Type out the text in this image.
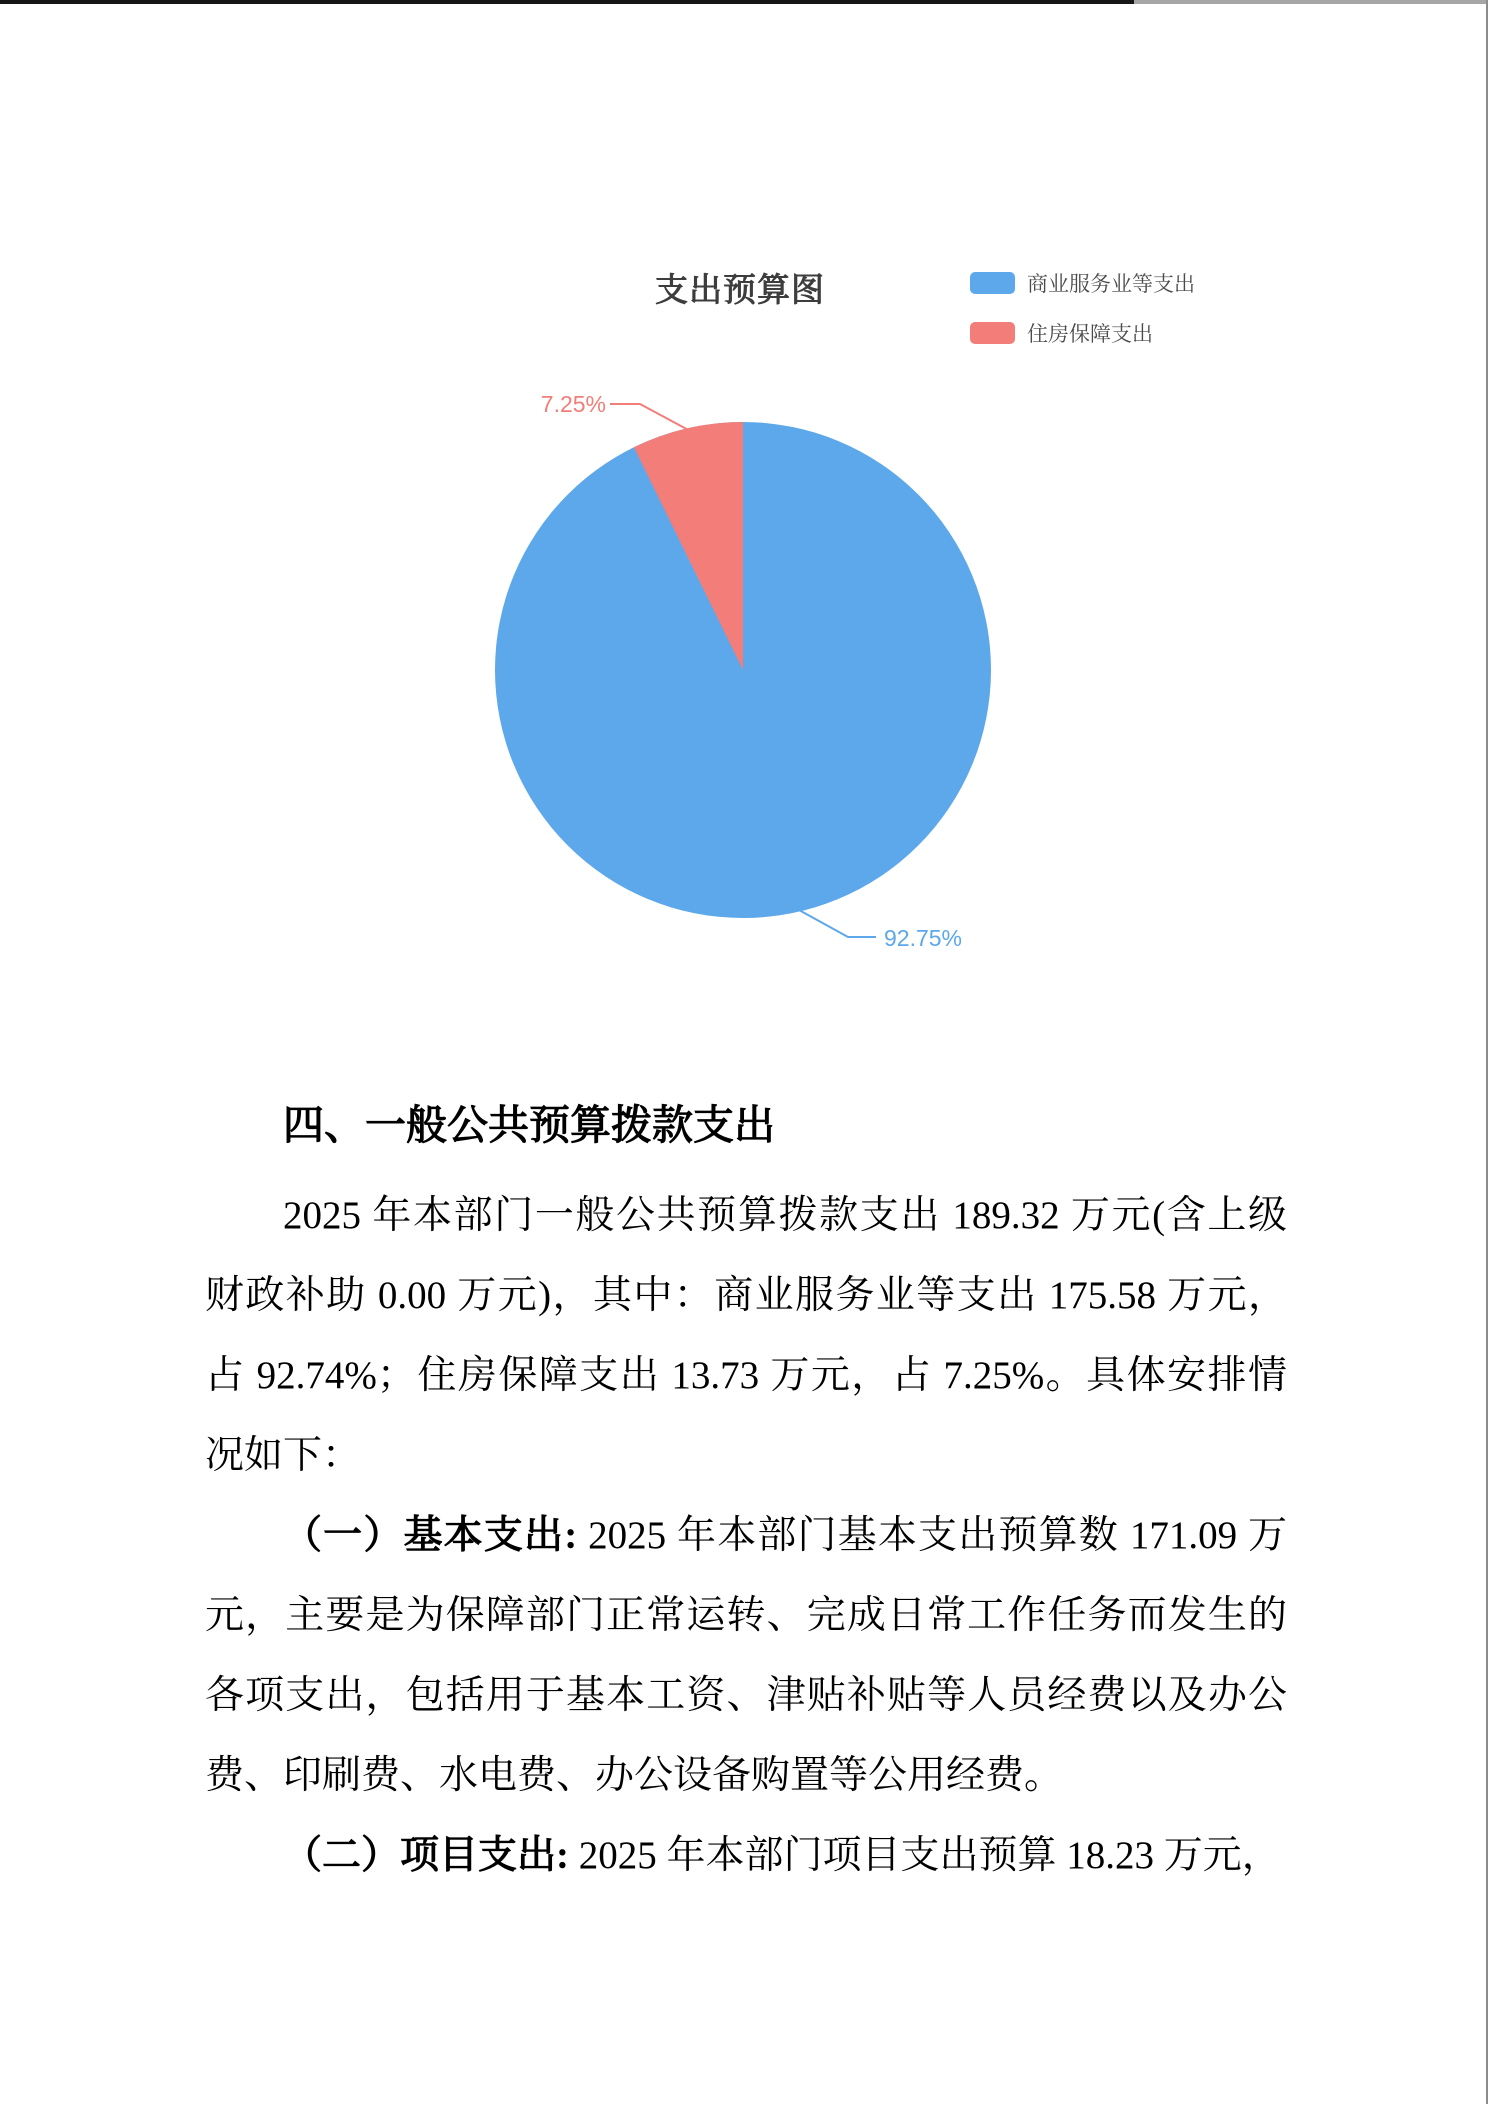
支出预算图	商业服务业等支出
住房保障支出
7.25%
92.75%
四、一般公共预算拨款支出

2025 年本部门一般公共预算拨款支出 189.32 万元(含上级财政补助 0.00 万元)，其中：商业服务业等支出 175.58 万元，占 92.74%；住房保障支出 13.73 万元，占 7.25%。具体安排情况如下：

（一）基本支出: 2025 年本部门基本支出预算数 171.09 万元，主要是为保障部门正常运转、完成日常工作任务而发生的各项支出，包括用于基本工资、津贴补贴等人员经费以及办公费、印刷费、水电费、办公设备购置等公用经费。

（二）项目支出: 2025 年本部门项目支出预算 18.23 万元，
